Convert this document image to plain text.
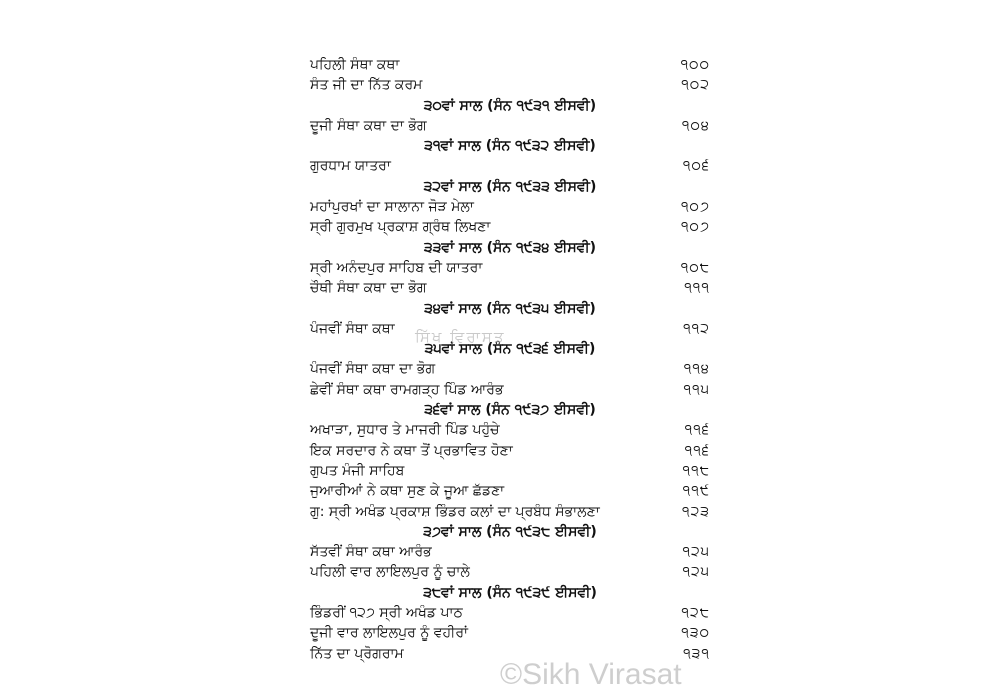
ਪਹਿਲੀ ਸੰਥਾ ਕਥਾ	੧੦੦
ਸੰਤ ਜੀ ਦਾ ਨਿੱਤ ਕਰਮ	੧੦੨
੩੦ਵਾਂ ਸਾਲ (ਸੰਨ ੧੯੩੧ ਈਸਵੀ)
ਦੂਜੀ ਸੰਥਾ ਕਥਾ ਦਾ ਭੋਗ	੧੦੪
੩੧ਵਾਂ ਸਾਲ (ਸੰਨ ੧੯੩੨ ਈਸਵੀ)
ਗੁਰਧਾਮ ਯਾਤਰਾ	੧੦੬
੩੨ਵਾਂ ਸਾਲ (ਸੰਨ ੧੯੩੩ ਈਸਵੀ)
ਮਹਾਂਪੁਰਖਾਂ ਦਾ ਸਾਲਾਨਾ ਜੋੜ ਮੇਲਾ	੧੦੭
ਸ੍ਰੀ ਗੁਰਮੁਖ ਪ੍ਰਕਾਸ਼ ਗ੍ਰੰਥ ਲਿਖਣਾ	੧੦੭
੩੩ਵਾਂ ਸਾਲ (ਸੰਨ ੧੯੩੪ ਈਸਵੀ)
ਸ੍ਰੀ ਅਨੰਦਪੁਰ ਸਾਹਿਬ ਦੀ ਯਾਤਰਾ	੧੦੮
ਚੌਥੀ ਸੰਥਾ ਕਥਾ ਦਾ ਭੋਗ	੧੧੧
੩੪ਵਾਂ ਸਾਲ (ਸੰਨ ੧੯੩੫ ਈਸਵੀ)
ਪੰਜਵੀਂ ਸੰਥਾ ਕਥਾ	੧੧੨
੩੫ਵਾਂ ਸਾਲ (ਸੰਨ ੧੯੩੬ ਈਸਵੀ)
ਪੰਜਵੀਂ ਸੰਥਾ ਕਥਾ ਦਾ ਭੋਗ	੧੧੪
ਛੇਵੀਂ ਸੰਥਾ ਕਥਾ ਰਾਮਗੜ੍ਹ ਪਿੰਡ ਆਰੰਭ	੧੧੫
੩੬ਵਾਂ ਸਾਲ (ਸੰਨ ੧੯੩੭ ਈਸਵੀ)
ਅਖਾੜਾ, ਸੁਧਾਰ ਤੇ ਮਾਜਰੀ ਪਿੰਡ ਪਹੁੰਚੇ	੧੧੬
ਇਕ ਸਰਦਾਰ ਨੇ ਕਥਾ ਤੋਂ ਪ੍ਰਭਾਵਿਤ ਹੋਣਾ	੧੧੬
ਗੁਪਤ ਮੰਜੀ ਸਾਹਿਬ	੧੧੮
ਜੁਆਰੀਆਂ ਨੇ ਕਥਾ ਸੁਣ ਕੇ ਜੂਆ ਛੱਡਣਾ	੧੧੯
ਗੁ: ਸ੍ਰੀ ਅਖੰਡ ਪ੍ਰਕਾਸ਼ ਭਿੰਡਰ ਕਲਾਂ ਦਾ ਪ੍ਰਬੰਧ ਸੰਭਾਲਣਾ	੧੨੩
੩੭ਵਾਂ ਸਾਲ (ਸੰਨ ੧੯੩੮ ਈਸਵੀ)
ਸੱਤਵੀਂ ਸੰਥਾ ਕਥਾ ਆਰੰਭ	੧੨੫
ਪਹਿਲੀ ਵਾਰ ਲਾਇਲਪੁਰ ਨੂੰ ਚਾਲੇ	੧੨੫
੩੮ਵਾਂ ਸਾਲ (ਸੰਨ ੧੯੩੯ ਈਸਵੀ)
ਭਿੰਡਰੀਂ ੧੨੭ ਸ੍ਰੀ ਅਖੰਡ ਪਾਠ	੧੨੮
ਦੂਜੀ ਵਾਰ ਲਾਇਲਪੁਰ ਨੂੰ ਵਹੀਰਾਂ	੧੩੦
ਨਿੱਤ ਦਾ ਪ੍ਰੋਗਰਾਮ	੧੩੧
ਸਿੱਖ ਵਿਰਾਸਤ
©Sikh Virasat
